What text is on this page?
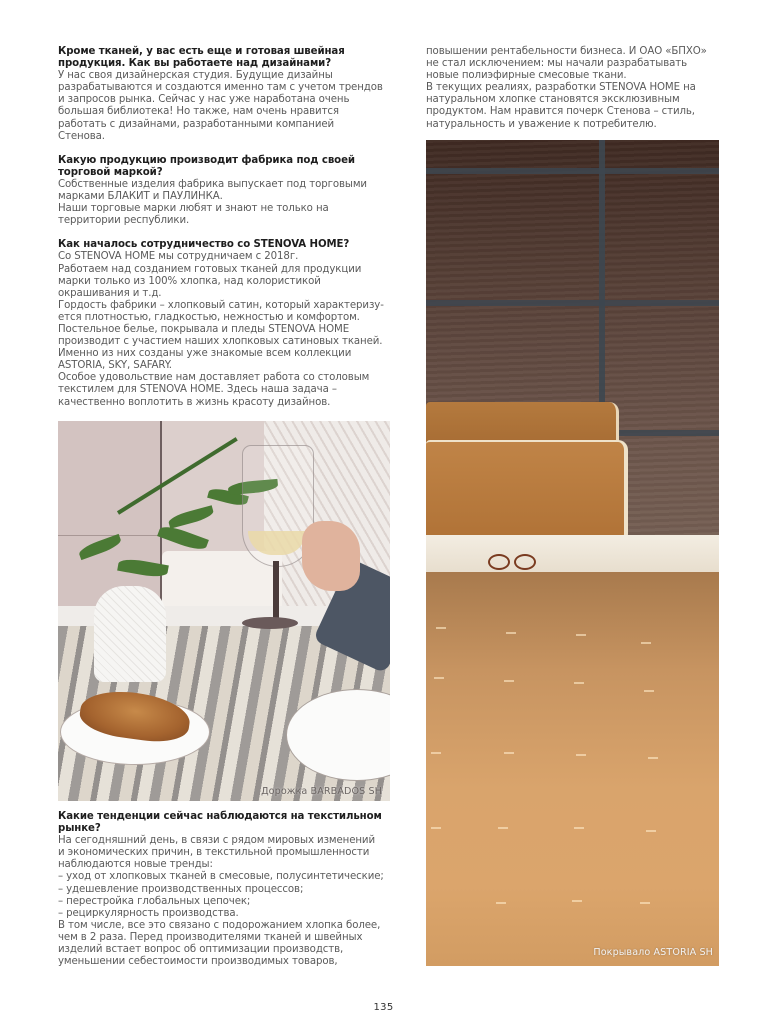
Кроме тканей, у вас есть еще и готовая швейная

продукция. Как вы работаете над дизайнами?

У нас своя дизайнерская студия. Будущие дизайны

разрабатываются и создаются именно там с учетом трендов

и запросов рынка. Сейчас у нас уже наработана очень

большая библиотека! Но также, нам очень нравится

работать с дизайнами, разработанными компанией

Стенова.

Какую продукцию производит фабрика под своей

торговой маркой?

Собственные изделия фабрика выпускает под торговыми

марками БЛАКИТ и ПАУЛИНКА.

Наши торговые марки любят и знают не только на

территории республики.

Как началось сотрудничество со STENOVA HOME?

Со STENOVA HOME мы сотрудничаем с 2018г.

Работаем над созданием готовых тканей для продукции

марки только из 100% хлопка, над колористикой

окрашивания и т.д.

Гордость фабрики – хлопковый сатин, который характеризу-

ется плотностью, гладкостью, нежностью и комфортом.

Постельное белье, покрывала и пледы STENOVA HOME

производит с участием наших хлопковых сатиновых тканей.

Именно из них созданы уже знакомые всем коллекции

ASTORIA, SKY, SAFARY.

Особое удовольствие нам доставляет работа со столовым

текстилем для STENOVA HOME. Здесь наша задача –

качественно воплотить в жизнь красоту дизайнов.

Дорожка BARBADOS SH

Какие тенденции сейчас наблюдаются на текстильном

рынке?

На сегодняшний день, в связи с рядом мировых изменений

и экономических причин, в текстильной промышленности

наблюдаются новые тренды:

– уход от хлопковых тканей в смесовые, полусинтетические;

– удешевление производственных процессов;

– перестройка глобальных цепочек;

– рециркулярность производства.

В том числе, все это связано с подорожанием хлопка более,

чем в 2 раза. Перед производителями тканей и швейных

изделий встает вопрос об оптимизации производств,

уменьшении себестоимости производимых товаров,

повышении рентабельности бизнеса. И ОАО «БПХО»

не стал исключением: мы начали разрабатывать

новые полиэфирные смесовые ткани.

В текущих реалиях, разработки STENOVA HOME на

натуральном хлопке становятся эксклюзивным

продуктом. Нам нравится почерк Стенова – стиль,

натуральность и уважение к потребителю.

Покрывало ASTORIA SH
135
